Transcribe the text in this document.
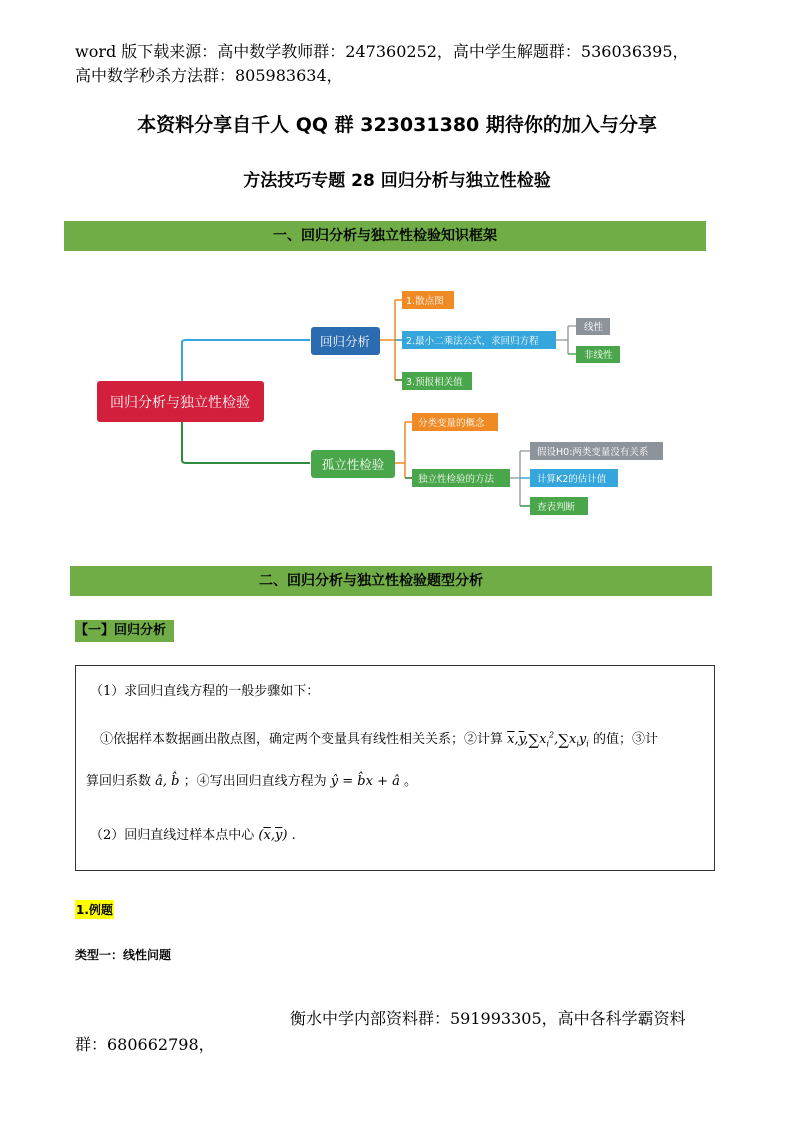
word 版下载来源：高中数学教师群：247360252，高中学生解题群：536036395，
高中数学秒杀方法群：805983634，
本资料分享自千人 QQ 群 323031380 期待你的加入与分享
方法技巧专题 28 回归分析与独立性检验
一、回归分析与独立性检验知识框架
回归分析与独立性检验
回归分析
孤立性检验
1.散点图
2.最小二乘法公式，求回归方程
3.预报相关值
线性
非线性
分类变量的概念
独立性检验的方法
假设H0:两类变量没有关系
计算K2的估计值
查表判断
二、回归分析与独立性检验题型分析
【一】回归分析
（1）求回归直线方程的一般步骤如下：
①依据样本数据画出散点图，确定两个变量具有线性相关关系；②计算 $\overline{x},\overline{y},\sum x_i^2,\sum x_iy_i$ 的值；③计
算回归系数 â, b̂ ；④写出回归直线方程为 ŷ = b̂x + â 。
（2）回归直线过样本点中心 $(\overline{x},\overline{y})$ .
1.例题
类型一：线性问题
衡水中学内部资料群：591993305，高中各科学霸资料
群：680662798，
